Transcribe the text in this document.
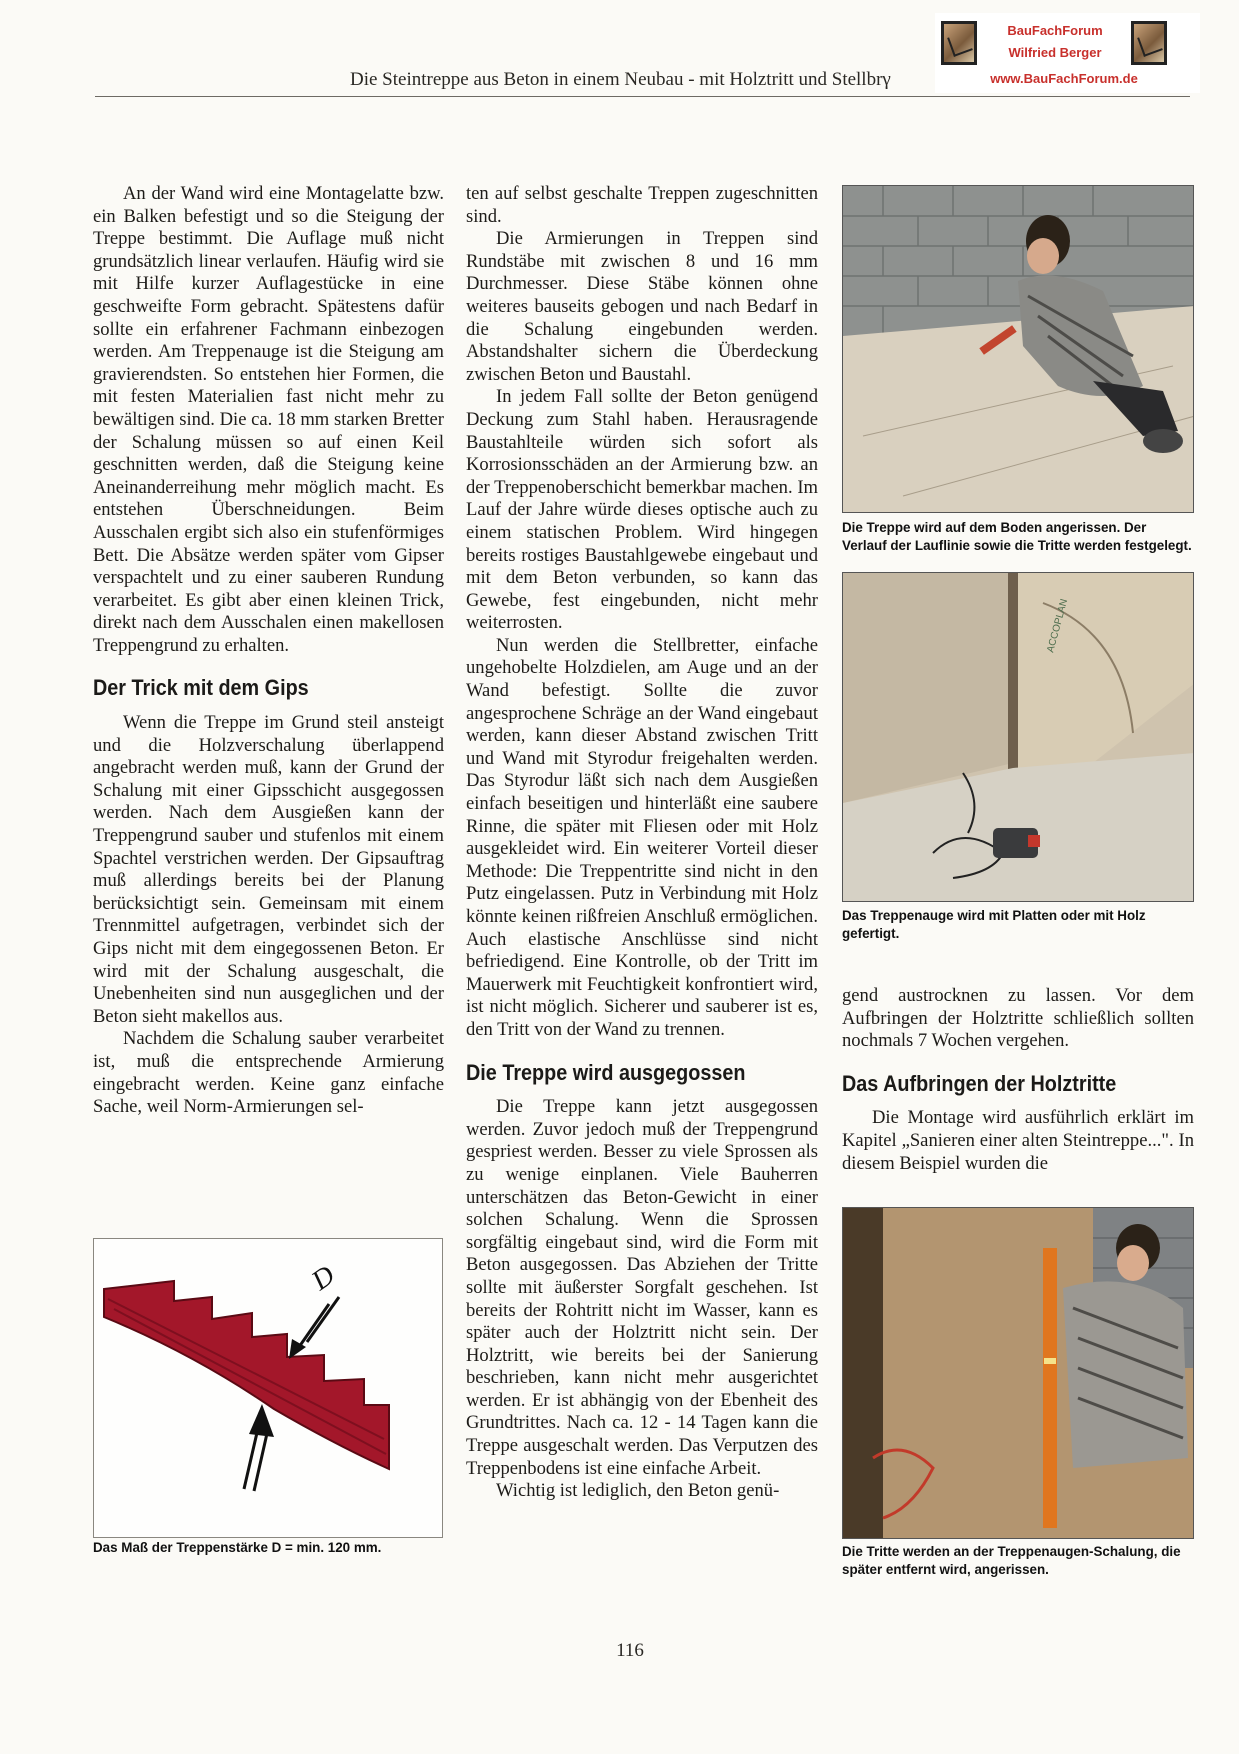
Die Steintreppe aus Beton in einem Neubau - mit Holztritt und Stellbrγ
BauFachForum
Wilfried Berger
www.BauFachForum.de

An der Wand wird eine Montagelatte bzw. ein Balken befestigt und so die Steigung der Treppe bestimmt. Die Auflage muß nicht grundsätzlich linear verlaufen. Häufig wird sie mit Hilfe kurzer Auflagestücke in eine geschweifte Form gebracht. Spätestens dafür sollte ein erfahrener Fachmann einbezogen werden. Am Treppenauge ist die Steigung am gravierendsten. So entstehen hier Formen, die mit festen Materialien fast nicht mehr zu bewältigen sind. Die ca. 18 mm starken Bretter der Schalung müssen so auf einen Keil geschnitten werden, daß die Steigung keine Aneinanderreihung mehr möglich macht. Es entstehen Überschneidungen. Beim Ausschalen ergibt sich also ein stufenförmiges Bett. Die Absätze werden später vom Gipser verspachtelt und zu einer sauberen Rundung verarbeitet. Es gibt aber einen kleinen Trick, direkt nach dem Ausschalen einen makellosen Treppengrund zu erhalten.

Der Trick mit dem Gips

Wenn die Treppe im Grund steil ansteigt und die Holzverschalung überlappend angebracht werden muß, kann der Grund der Schalung mit einer Gipsschicht ausgegossen werden. Nach dem Ausgießen kann der Treppengrund sauber und stufenlos mit einem Spachtel verstrichen werden. Der Gipsauftrag muß allerdings bereits bei der Planung berücksichtigt sein. Gemeinsam mit einem Trennmittel aufgetragen, verbindet sich der Gips nicht mit dem eingegossenen Beton. Er wird mit der Schalung ausgeschalt, die Unebenheiten sind nun ausgeglichen und der Beton sieht makellos aus.

Nachdem die Schalung sauber verarbeitet ist, muß die entsprechende Armierung eingebracht werden. Keine ganz einfache Sache, weil Norm-Armierungen sel-

ten auf selbst geschalte Treppen zugeschnitten sind.

Die Armierungen in Treppen sind Rundstäbe mit zwischen 8 und 16 mm Durchmesser. Diese Stäbe können ohne weiteres bauseits gebogen und nach Bedarf in die Schalung eingebunden werden. Abstandshalter sichern die Überdeckung zwischen Beton und Baustahl.

In jedem Fall sollte der Beton genügend Deckung zum Stahl haben. Herausragende Baustahlteile würden sich sofort als Korrosionsschäden an der Armierung bzw. an der Treppenoberschicht bemerkbar machen. Im Lauf der Jahre würde dieses optische auch zu einem statischen Problem. Wird hingegen bereits rostiges Baustahlgewebe eingebaut und mit dem Beton verbunden, so kann das Gewebe, fest eingebunden, nicht mehr weiterrosten.

Nun werden die Stellbretter, einfache ungehobelte Holzdielen, am Auge und an der Wand befestigt. Sollte die zuvor angesprochene Schräge an der Wand eingebaut werden, kann dieser Abstand zwischen Tritt und Wand mit Styrodur freigehalten werden. Das Styrodur läßt sich nach dem Ausgießen einfach beseitigen und hinterläßt eine saubere Rinne, die später mit Fliesen oder mit Holz ausgekleidet wird. Ein weiterer Vorteil dieser Methode: Die Treppentritte sind nicht in den Putz eingelassen. Putz in Verbindung mit Holz könnte keinen rißfreien Anschluß ermöglichen. Auch elastische Anschlüsse sind nicht befriedigend. Eine Kontrolle, ob der Tritt im Mauerwerk mit Feuchtigkeit konfrontiert wird, ist nicht möglich. Sicherer und sauberer ist es, den Tritt von der Wand zu trennen.

Die Treppe wird ausgegossen

Die Treppe kann jetzt ausgegossen werden. Zuvor jedoch muß der Treppengrund gespriest werden. Besser zu viele Sprossen als zu wenige einplanen. Viele Bauherren unterschätzen das Beton-Gewicht in einer solchen Schalung. Wenn die Sprossen sorgfältig eingebaut sind, wird die Form mit Beton ausgegossen. Das Abziehen der Tritte sollte mit äußerster Sorgfalt geschehen. Ist bereits der Rohtritt nicht im Wasser, kann es später auch der Holztritt nicht sein. Der Holztritt, wie bereits bei der Sanierung beschrieben, kann nicht mehr ausgerichtet werden. Er ist abhängig von der Ebenheit des Grundtrittes. Nach ca. 12 - 14 Tagen kann die Treppe ausgeschalt werden. Das Verputzen des Treppenbodens ist eine einfache Arbeit.

Wichtig ist lediglich, den Beton genü-

Die Treppe wird auf dem Boden angerissen. Der Verlauf der Lauflinie sowie die Tritte werden festgelegt.
ACCOPLAN
Das Treppenauge wird mit Platten oder mit Holz gefertigt.

gend austrocknen zu lassen. Vor dem Aufbringen der Holztritte schließlich sollten nochmals 7 Wochen vergehen.

Das Aufbringen der Holztritte

Die Montage wird ausführlich erklärt im Kapitel „Sanieren einer alten Steintreppe...". In diesem Beispiel wurden die

Die Tritte werden an der Treppenaugen-Schalung, die später entfernt wird, angerissen.
D
Das Maß der Treppenstärke D = min. 120 mm.
116
